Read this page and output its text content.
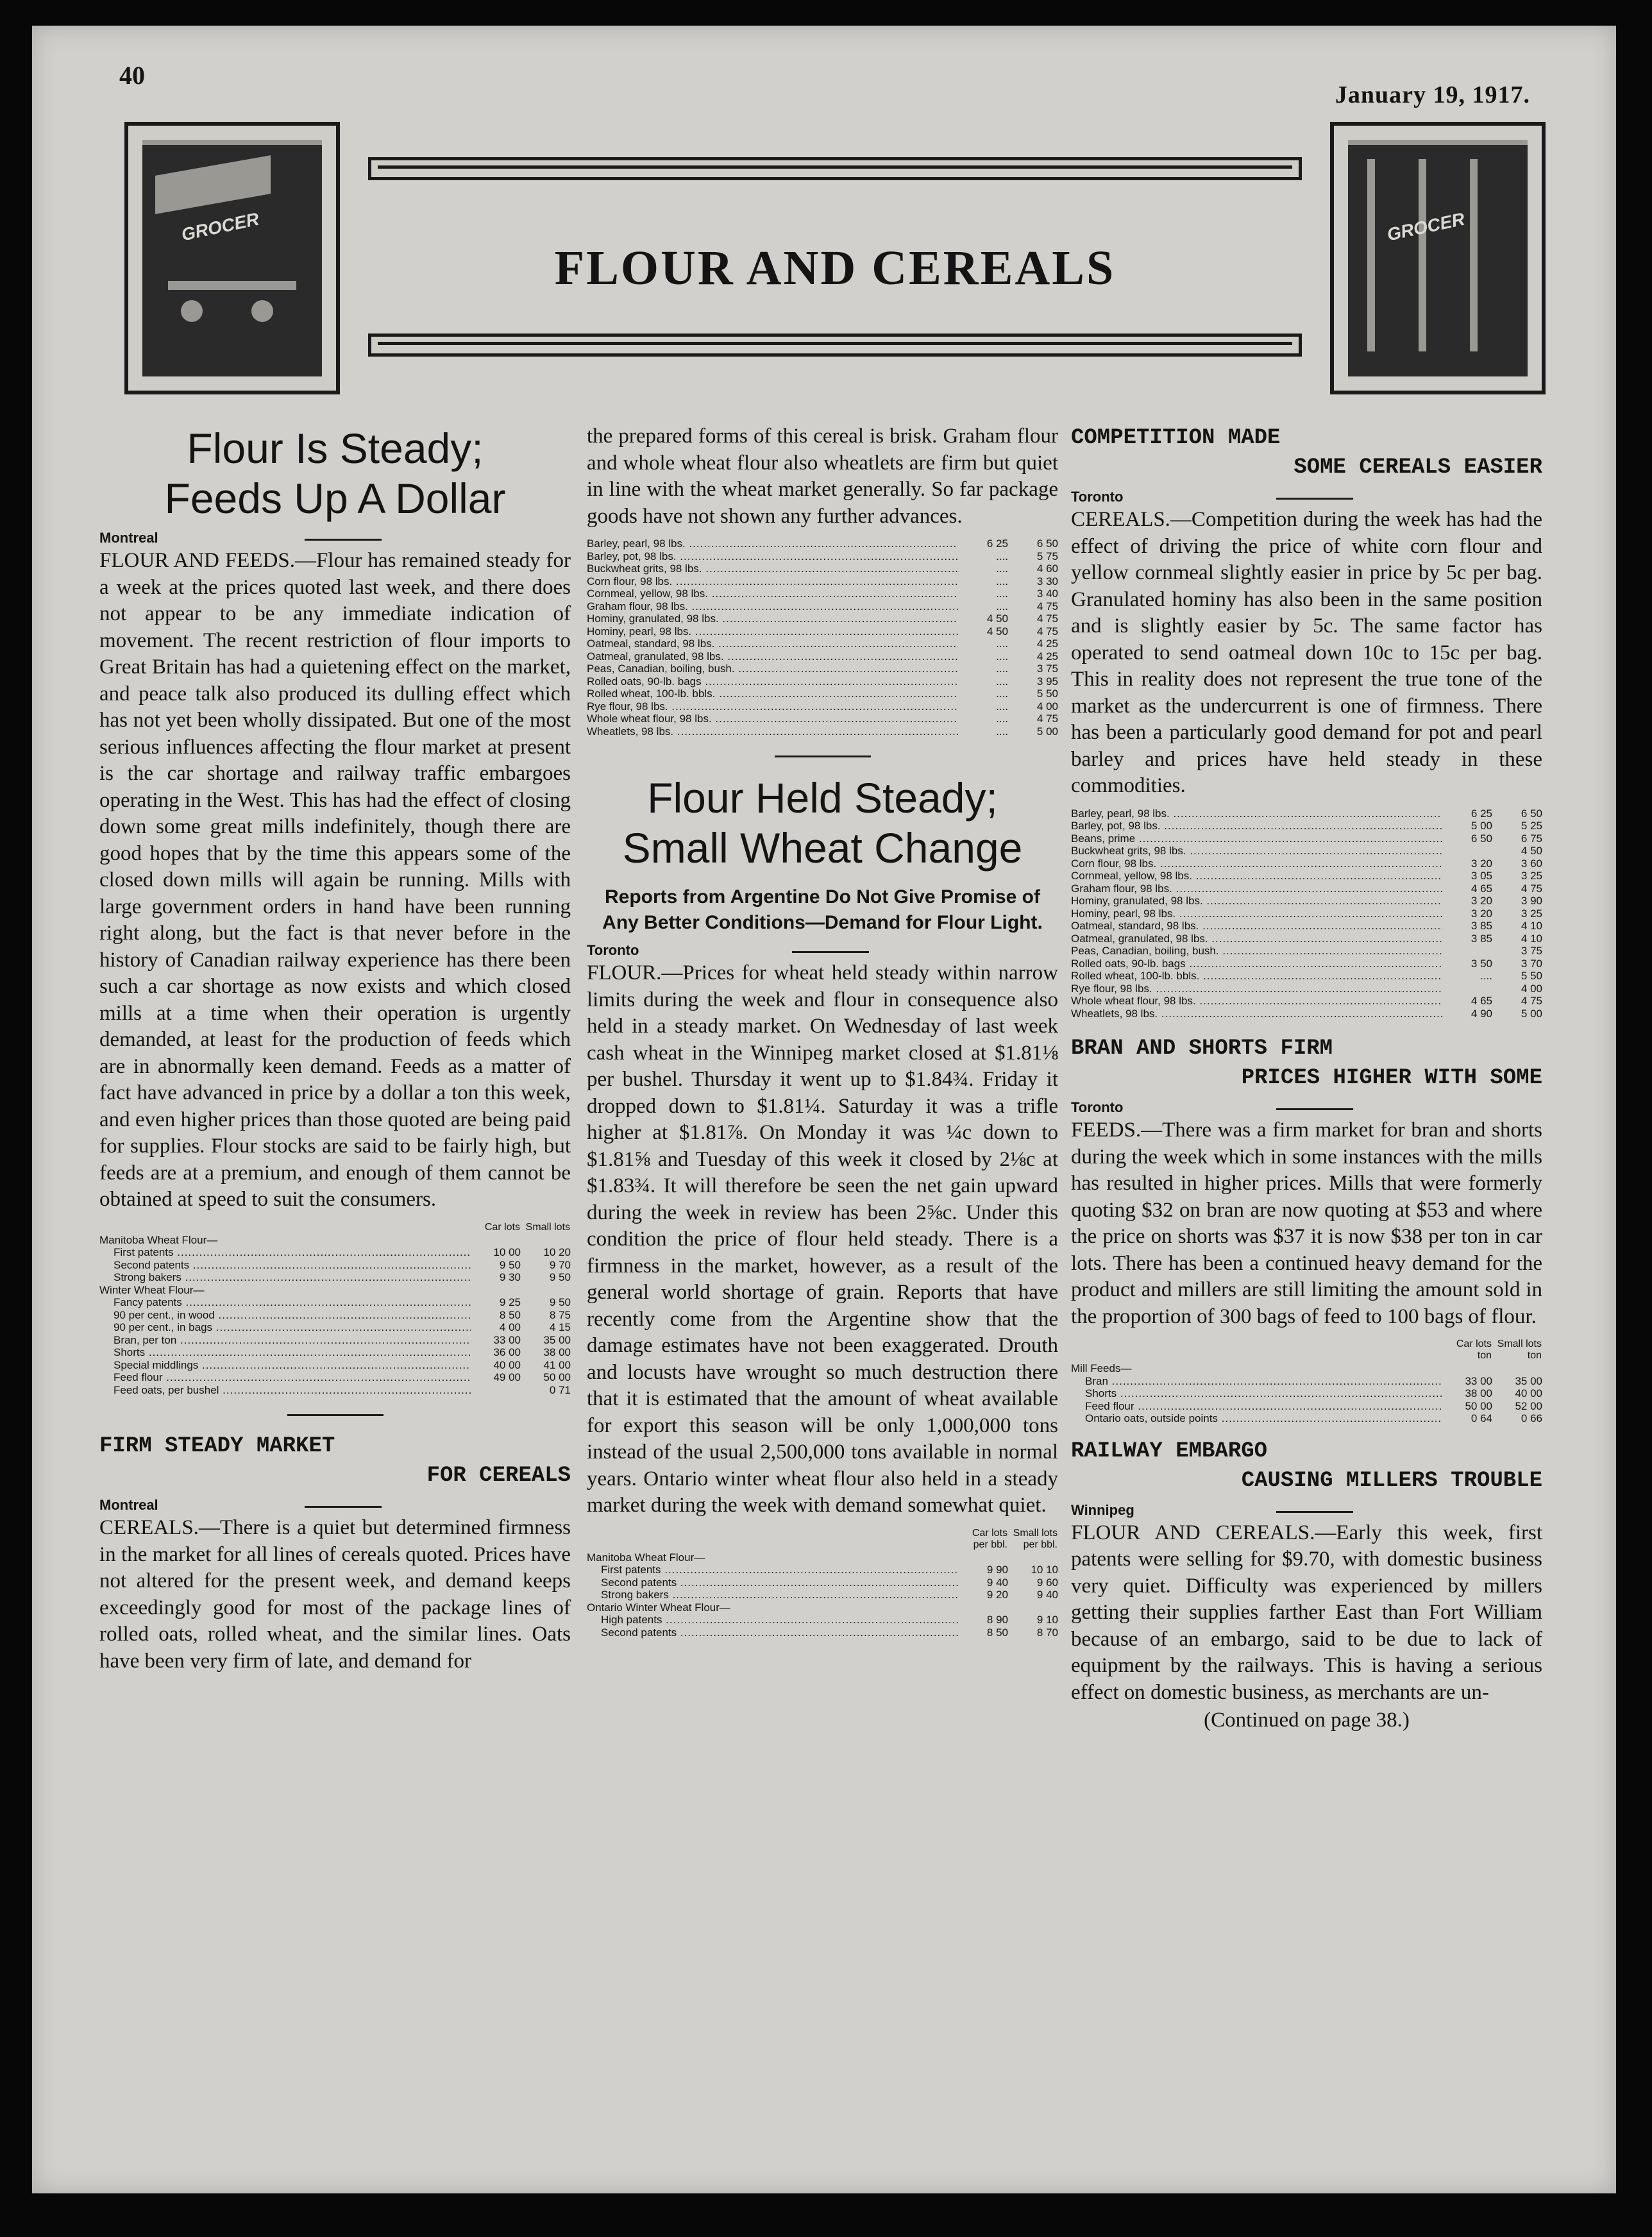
40
January 19, 1917.
GROCER
FLOUR AND CEREALS
GROCER
Flour Is Steady;
Feeds Up A Dollar
Montreal

FLOUR AND FEEDS.—Flour has remained steady for a week at the prices quoted last week, and there does not appear to be any immediate indication of movement. The recent restriction of flour imports to Great Britain has had a quietening effect on the market, and peace talk also produced its dulling effect which has not yet been wholly dissipated. But one of the most serious influences affecting the flour market at present is the car shortage and railway traffic embargoes operating in the West. This has had the effect of closing down some great mills indefinitely, though there are good hopes that by the time this appears some of the closed down mills will again be running. Mills with large government orders in hand have been running right along, but the fact is that never before in the history of Canadian railway experience has there been such a car shortage as now exists and which closed mills at a time when their operation is urgently demanded, at least for the production of feeds which are in abnormally keen demand. Feeds as a matter of fact have advanced in price by a dollar a ton this week, and even higher prices than those quoted are being paid for supplies. Flour stocks are said to be fairly high, but feeds are at a premium, and enough of them cannot be obtained at speed to suit the consumers.

	Car lots	Small lots
Manitoba Wheat Flour—		
First patents .....	10 00	10 20
Second patents .....	9 50	9 70
Strong bakers .....	9 30	9 50
Winter Wheat Flour—		
Fancy patents .....	9 25	9 50
90 per cent., in wood .....	8 50	8 75
90 per cent., in bags .....	4 00	4 15
Bran, per ton .....	33 00	35 00
Shorts .....	36 00	38 00
Special middlings .....	40 00	41 00
Feed flour .....	49 00	50 00
Feed oats, per bushel .....		0 71
FIRM STEADY MARKET
FOR CEREALS
Montreal

CEREALS.—There is a quiet but determined firmness in the market for all lines of cereals quoted. Prices have not altered for the present week, and demand keeps exceedingly good for most of the package lines of rolled oats, rolled wheat, and the similar lines. Oats have been very firm of late, and demand for

the prepared forms of this cereal is brisk. Graham flour and whole wheat flour also wheatlets are firm but quiet in line with the wheat market generally. So far package goods have not shown any further advances.

Barley, pearl, 98 lbs. .....	6 25	6 50
Barley, pot, 98 lbs. .....	....	5 75
Buckwheat grits, 98 lbs. .....	....	4 60
Corn flour, 98 lbs. .....	....	3 30
Cornmeal, yellow, 98 lbs. .....	....	3 40
Graham flour, 98 lbs. .....	....	4 75
Hominy, granulated, 98 lbs. .....	4 50	4 75
Hominy, pearl, 98 lbs. .....	4 50	4 75
Oatmeal, standard, 98 lbs. .....	....	4 25
Oatmeal, granulated, 98 lbs. .....	....	4 25
Peas, Canadian, boiling, bush. .....	....	3 75
Rolled oats, 90-lb. bags .....	....	3 95
Rolled wheat, 100-lb. bbls. .....	....	5 50
Rye flour, 98 lbs. .....	....	4 00
Whole wheat flour, 98 lbs. .....	....	4 75
Wheatlets, 98 lbs. .....	....	5 00
Flour Held Steady;
Small Wheat Change
Reports from Argentine Do Not Give Promise of Any Better Conditions—Demand for Flour Light.
Toronto

FLOUR.—Prices for wheat held steady within narrow limits during the week and flour in consequence also held in a steady market. On Wednesday of last week cash wheat in the Winnipeg market closed at $1.81⅛ per bushel. Thursday it went up to $1.84¾. Friday it dropped down to $1.81¼. Saturday it was a trifle higher at $1.81⅞. On Monday it was ¼c down to $1.81⅝ and Tuesday of this week it closed by 2⅛c at $1.83¾. It will therefore be seen the net gain upward during the week in review has been 2⅝c. Under this condition the price of flour held steady. There is a firmness in the market, however, as a result of the general world shortage of grain. Reports that have recently come from the Argentine show that the damage estimates have not been exaggerated. Drouth and locusts have wrought so much destruction there that it is estimated that the amount of wheat available for export this season will be only 1,000,000 tons instead of the usual 2,500,000 tons available in normal years. Ontario winter wheat flour also held in a steady market during the week with demand somewhat quiet.

	Car lots per bbl.	Small lots per bbl.
Manitoba Wheat Flour—		
First patents .....	9 90	10 10
Second patents .....	9 40	9 60
Strong bakers .....	9 20	9 40
Ontario Winter Wheat Flour—		
High patents .....	8 90	9 10
Second patents .....	8 50	8 70
COMPETITION MADE
SOME CEREALS EASIER
Toronto

CEREALS.—Competition during the week has had the effect of driving the price of white corn flour and yellow cornmeal slightly easier in price by 5c per bag. Granulated hominy has also been in the same position and is slightly easier by 5c. The same factor has operated to send oatmeal down 10c to 15c per bag. This in reality does not represent the true tone of the market as the undercurrent is one of firmness. There has been a particularly good demand for pot and pearl barley and prices have held steady in these commodities.

Barley, pearl, 98 lbs. .....	6 25	6 50
Barley, pot, 98 lbs. .....	5 00	5 25
Beans, prime .....	6 50	6 75
Buckwheat grits, 98 lbs. .....		4 50
Corn flour, 98 lbs. .....	3 20	3 60
Cornmeal, yellow, 98 lbs. .....	3 05	3 25
Graham flour, 98 lbs. .....	4 65	4 75
Hominy, granulated, 98 lbs. .....	3 20	3 90
Hominy, pearl, 98 lbs. .....	3 20	3 25
Oatmeal, standard, 98 lbs. .....	3 85	4 10
Oatmeal, granulated, 98 lbs. .....	3 85	4 10
Peas, Canadian, boiling, bush. .....		3 75
Rolled oats, 90-lb. bags .....	3 50	3 70
Rolled wheat, 100-lb. bbls. .....	....	5 50
Rye flour, 98 lbs. .....		4 00
Whole wheat flour, 98 lbs. .....	4 65	4 75
Wheatlets, 98 lbs. .....	4 90	5 00
BRAN AND SHORTS FIRM
PRICES HIGHER WITH SOME
Toronto

FEEDS.—There was a firm market for bran and shorts during the week which in some instances with the mills has resulted in higher prices. Mills that were formerly quoting $32 on bran are now quoting at $53 and where the price on shorts was $37 it is now $38 per ton in car lots. There has been a continued heavy demand for the product and millers are still limiting the amount sold in the proportion of 300 bags of feed to 100 bags of flour.

	Car lots ton	Small lots ton
Mill Feeds—		
Bran .....	33 00	35 00
Shorts .....	38 00	40 00
Feed flour .....	50 00	52 00
Ontario oats, outside points .....	0 64	0 66
RAILWAY EMBARGO
CAUSING MILLERS TROUBLE
Winnipeg

FLOUR AND CEREALS.—Early this week, first patents were selling for $9.70, with domestic business very quiet. Difficulty was experienced by millers getting their supplies farther East than Fort William because of an embargo, said to be due to lack of equipment by the railways. This is having a serious effect on domestic business, as merchants are un-

(Continued on page 38.)
